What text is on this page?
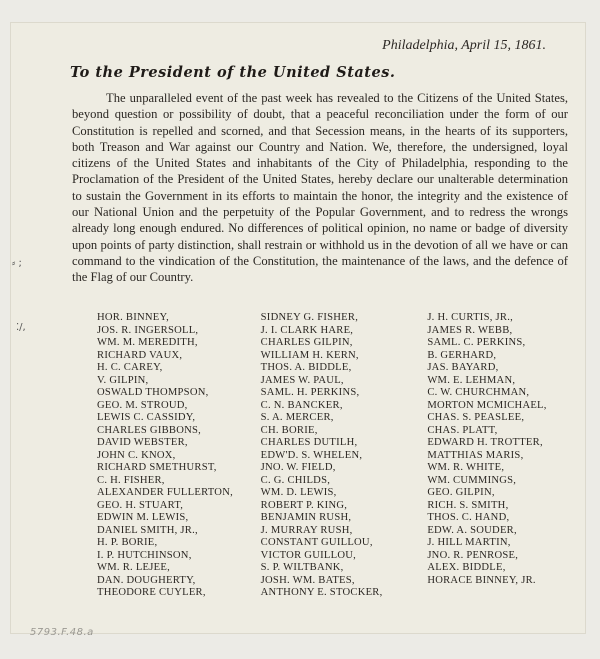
Philadelphia, April 15, 1861.
To the President of the United States.
The unparalleled event of the past week has revealed to the Citizens of the United States, beyond question or possibility of doubt, that a peaceful reconciliation under the form of our Constitution is repelled and scorned, and that Secession means, in the hearts of its supporters, both Treason and War against our Country and Nation. We, therefore, the undersigned, loyal citizens of the United States and inhabitants of the City of Philadelphia, responding to the Proclamation of the President of the United States, hereby declare our unalterable determination to sustain the Government in its efforts to maintain the honor, the integrity and the existence of our National Union and the perpetuity of the Popular Government, and to redress the wrongs already long enough endured. No differences of political opinion, no name or badge of diversity upon points of party distinction, shall restrain or withhold us in the devotion of all we have or can command to the vindication of the Constitution, the maintenance of the laws, and the defence of the Flag of our Country.
HOR. BINNEY,
JOS. R. INGERSOLL,
WM. M. MEREDITH,
RICHARD VAUX,
H. C. CAREY,
V. GILPIN,
OSWALD THOMPSON,
GEO. M. STROUD,
LEWIS C. CASSIDY,
CHARLES GIBBONS,
DAVID WEBSTER,
JOHN C. KNOX,
RICHARD SMETHURST,
C. H. FISHER,
ALEXANDER FULLERTON,
GEO. H. STUART,
EDWIN M. LEWIS,
DANIEL SMITH, JR.,
H. P. BORIE,
I. P. HUTCHINSON,
WM. R. LEJEE,
DAN. DOUGHERTY,
THEODORE CUYLER,
SIDNEY G. FISHER,
J. I. CLARK HARE,
CHARLES GILPIN,
WILLIAM H. KERN,
THOS. A. BIDDLE,
JAMES W. PAUL,
SAML. H. PERKINS,
C. N. BANCKER,
S. A. MERCER,
CH. BORIE,
CHARLES DUTILH,
EDW'D. S. WHELEN,
JNO. W. FIELD,
C. G. CHILDS,
WM. D. LEWIS,
ROBERT P. KING,
BENJAMIN RUSH,
J. MURRAY RUSH,
CONSTANT GUILLOU,
VICTOR GUILLOU,
S. P. WILTBANK,
JOSH. WM. BATES,
ANTHONY E. STOCKER,
J. H. CURTIS, JR.,
JAMES R. WEBB,
SAML. C. PERKINS,
B. GERHARD,
JAS. BAYARD,
WM. E. LEHMAN,
C. W. CHURCHMAN,
MORTON MCMICHAEL,
CHAS. S. PEASLEE,
CHAS. PLATT,
EDWARD H. TROTTER,
MATTHIAS MARIS,
WM. R. WHITE,
WM. CUMMINGS,
GEO. GILPIN,
RICH. S. SMITH,
THOS. C. HAND,
EDW. A. SOUDER,
J. HILL MARTIN,
JNO. R. PENROSE,
ALEX. BIDDLE,
HORACE BINNEY, JR.
⸗ ;
⁚/,
5793.F.48.a
